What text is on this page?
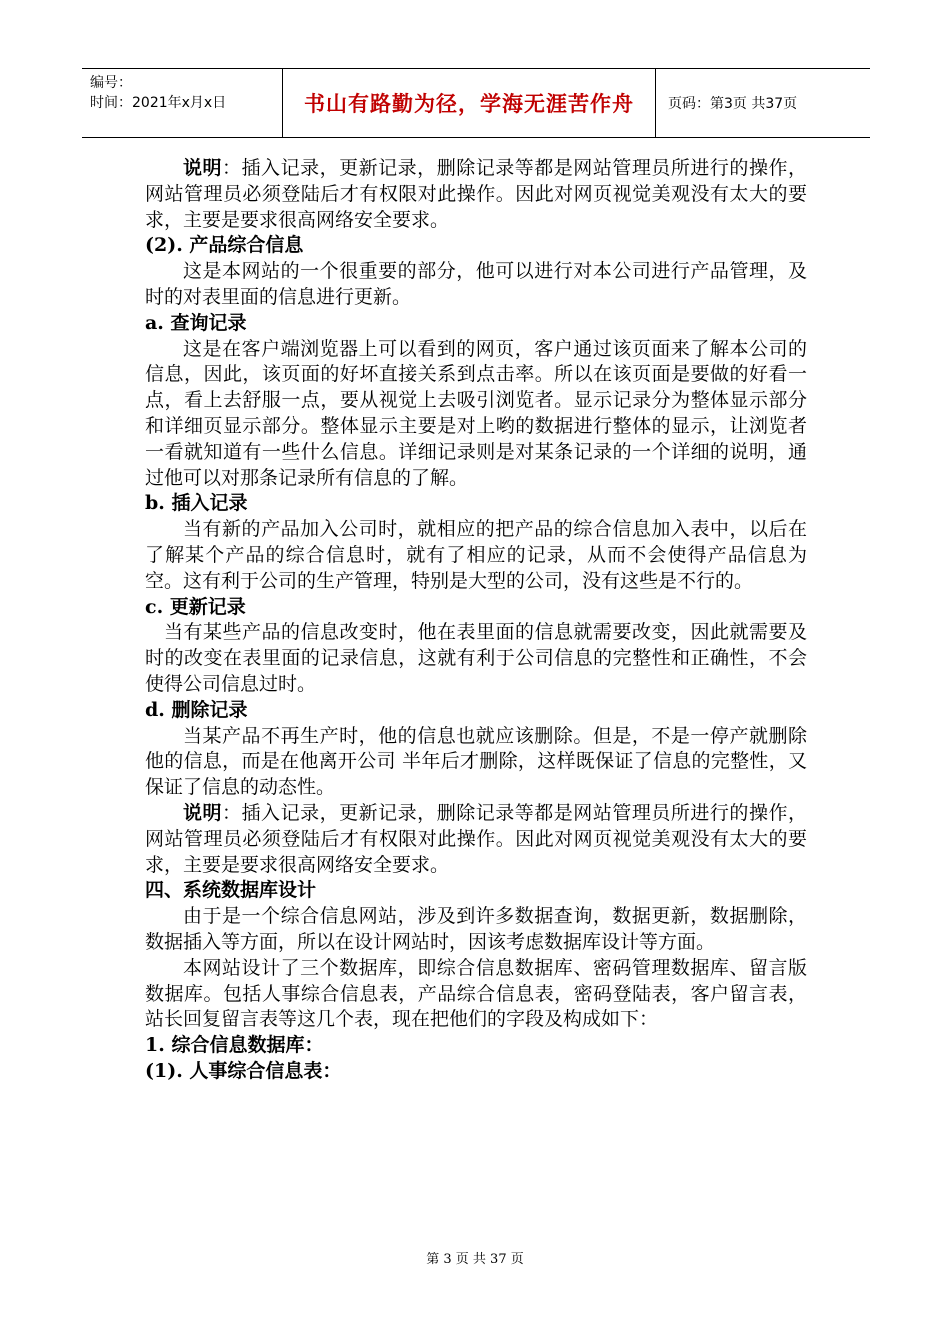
编号：
时间：2021年x月x日	书山有路勤为径，学海无涯苦作舟 页码：第3页 共37页

说明：插入记录，更新记录，删除记录等都是网站管理员所进行的操作，网站管理员必须登陆后才有权限对此操作。因此对网页视觉美观没有太大的要求，主要是要求很高网络安全要求。

(2). 产品综合信息

这是本网站的一个很重要的部分，他可以进行对本公司进行产品管理，及时的对表里面的信息进行更新。

a. 查询记录

这是在客户端浏览器上可以看到的网页，客户通过该页面来了解本公司的信息，因此，该页面的好坏直接关系到点击率。所以在该页面是要做的好看一点，看上去舒服一点，要从视觉上去吸引浏览者。显示记录分为整体显示部分和详细页显示部分。整体显示主要是对上哟的数据进行整体的显示，让浏览者一看就知道有一些什么信息。详细记录则是对某条记录的一个详细的说明，通过他可以对那条记录所有信息的了解。

b. 插入记录

当有新的产品加入公司时，就相应的把产品的综合信息加入表中，以后在了解某个产品的综合信息时，就有了相应的记录，从而不会使得产品信息为空。这有利于公司的生产管理，特别是大型的公司，没有这些是不行的。

c. 更新记录

当有某些产品的信息改变时，他在表里面的信息就需要改变，因此就需要及时的改变在表里面的记录信息，这就有利于公司信息的完整性和正确性，不会使得公司信息过时。

d. 删除记录

当某产品不再生产时，他的信息也就应该删除。但是，不是一停产就删除他的信息，而是在他离开公司 半年后才删除，这样既保证了信息的完整性，又保证了信息的动态性。

说明：插入记录，更新记录，删除记录等都是网站管理员所进行的操作，网站管理员必须登陆后才有权限对此操作。因此对网页视觉美观没有太大的要求，主要是要求很高网络安全要求。

四、系统数据库设计

由于是一个综合信息网站，涉及到许多数据查询，数据更新，数据删除，数据插入等方面，所以在设计网站时，因该考虑数据库设计等方面。

本网站设计了三个数据库，即综合信息数据库、密码管理数据库、留言版数据库。包括人事综合信息表，产品综合信息表，密码登陆表，客户留言表，站长回复留言表等这几个表，现在把他们的字段及构成如下：

1. 综合信息数据库：

(1). 人事综合信息表：

第 3 页 共 37 页
